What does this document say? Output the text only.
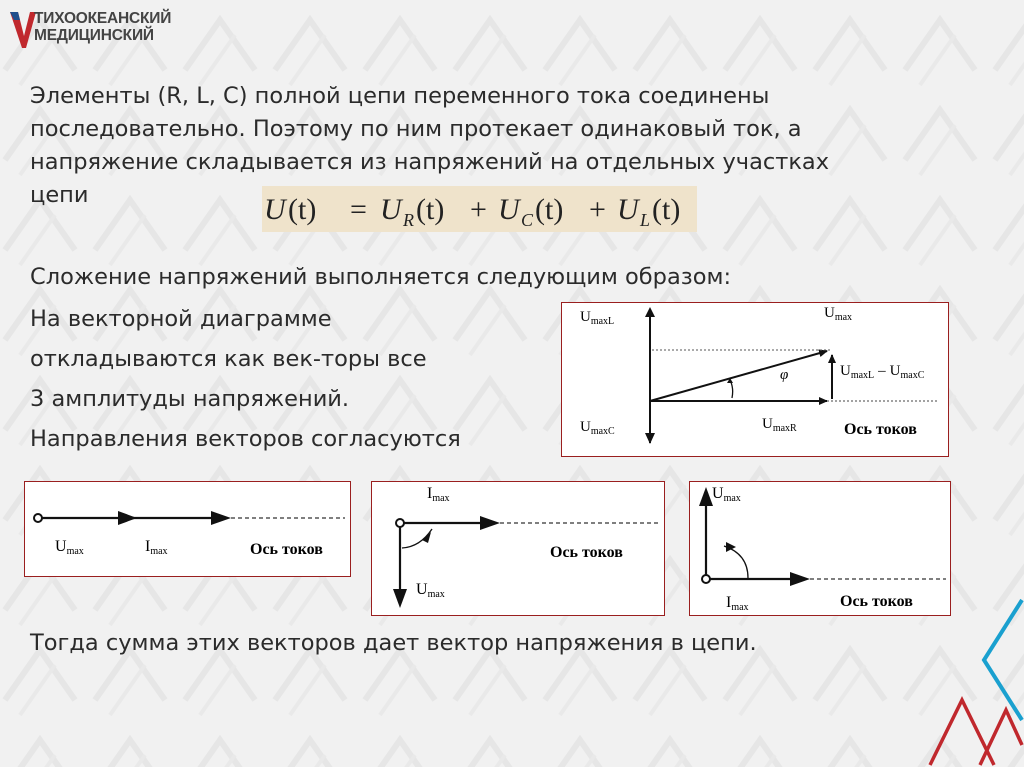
ТИХООКЕАНСКИЙ
МЕДИЦИНСКИЙ
Элементы (R, L, C) полной цепи переменного тока соединены
последовательно. Поэтому по ним протекает одинаковый ток, а
напряжение складывается из напряжений на отдельных участках
цепи	U (t) = U R (t) + U C (t) + U L (t)
Сложение напряжений выполняется следующим образом:
На векторной диаграмме
откладываются как век-торы все
3 амплитуды напряжений.
Направления векторов согласуются
$U_{maxL}$
$U_{maxC}$
$U_{max}$
φ	$U_{maxL} - U_{maxC}$
$U_{maxR}$	Ось токов
Umax	Imax	Ось токов
Imax
Umax
Ось токов
Umax
Imax	Ось токов
Тогда сумма этих векторов дает вектор напряжения в цепи.
